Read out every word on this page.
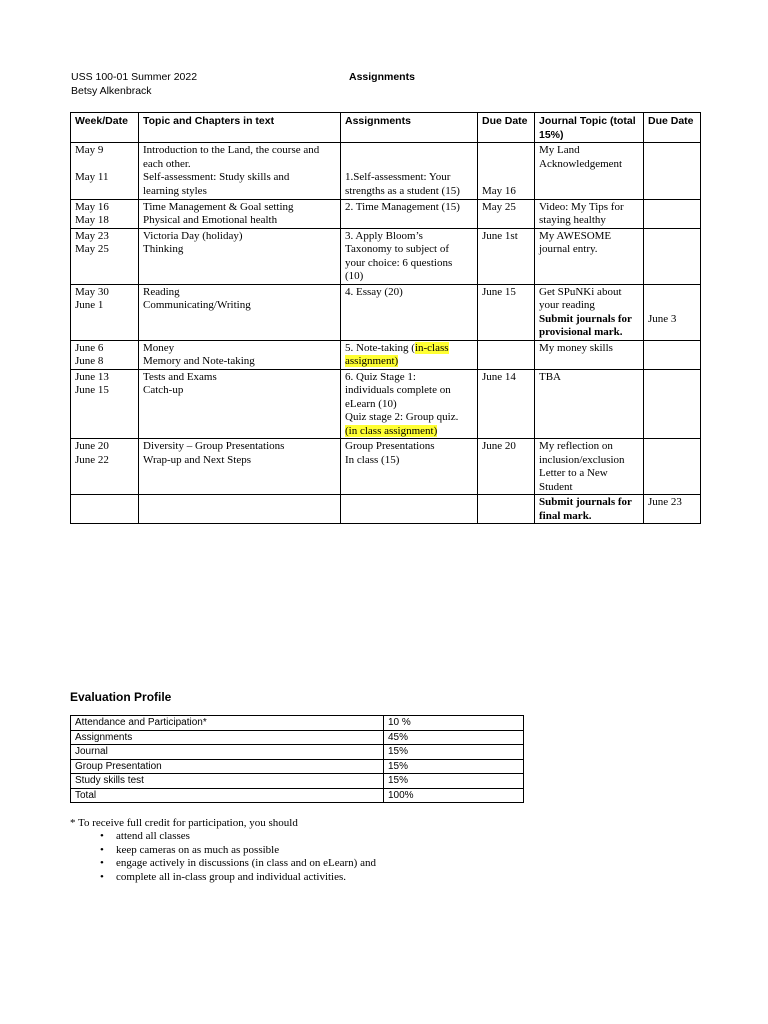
USS 100-01 Summer 2022
Betsy Alkenbrack
Assignments
Week/Date	Topic and Chapters in text	Assignments	Due Date	Journal Topic (total 15%)	Due Date

May 9
May 11	Introduction to the Land, the course and
each other.
Self-assessment: Study skills and
learning styles	1.Self-assessment: Your
strengths as a student (15)	May 16	My Land
Acknowledgement	

May 16
May 18	Time Management & Goal setting
Physical and Emotional health	2. Time Management (15)	May 25	Video: My Tips for
staying healthy	

May 23
May 25	Victoria Day (holiday)
Thinking	3. Apply Bloom’s
Taxonomy to subject of
your choice: 6 questions
(10)	June 1st	My AWESOME
journal entry.	

May 30
June 1	Reading
Communicating/Writing	4. Essay (20)	June 15	Get SPuNKi about
your reading
Submit journals for
provisional mark.	June 3

June 6
June 8	Money
Memory and Note-taking	5. Note-taking (in-class
assignment)		My money skills	

June 13
June 15	Tests and Exams
Catch-up	6. Quiz Stage 1:
individuals complete on
eLearn (10)
Quiz stage 2: Group quiz.
(in class assignment)	June 14	TBA	

June 20
June 22	Diversity – Group Presentations
Wrap-up and Next Steps	Group Presentations
In class (15)	June 20	My reflection on
inclusion/exclusion
Letter to a New
Student	

				Submit journals for
final mark.	June 23
Evaluation Profile
Attendance and Participation*	10 %
Assignments	45%
Journal	15%
Group Presentation	15%
Study skills test	15%
Total	100%
* To receive full credit for participation, you should
• attend all classes
• keep cameras on as much as possible
• engage actively in discussions (in class and on eLearn) and
• complete all in-class group and individual activities.
